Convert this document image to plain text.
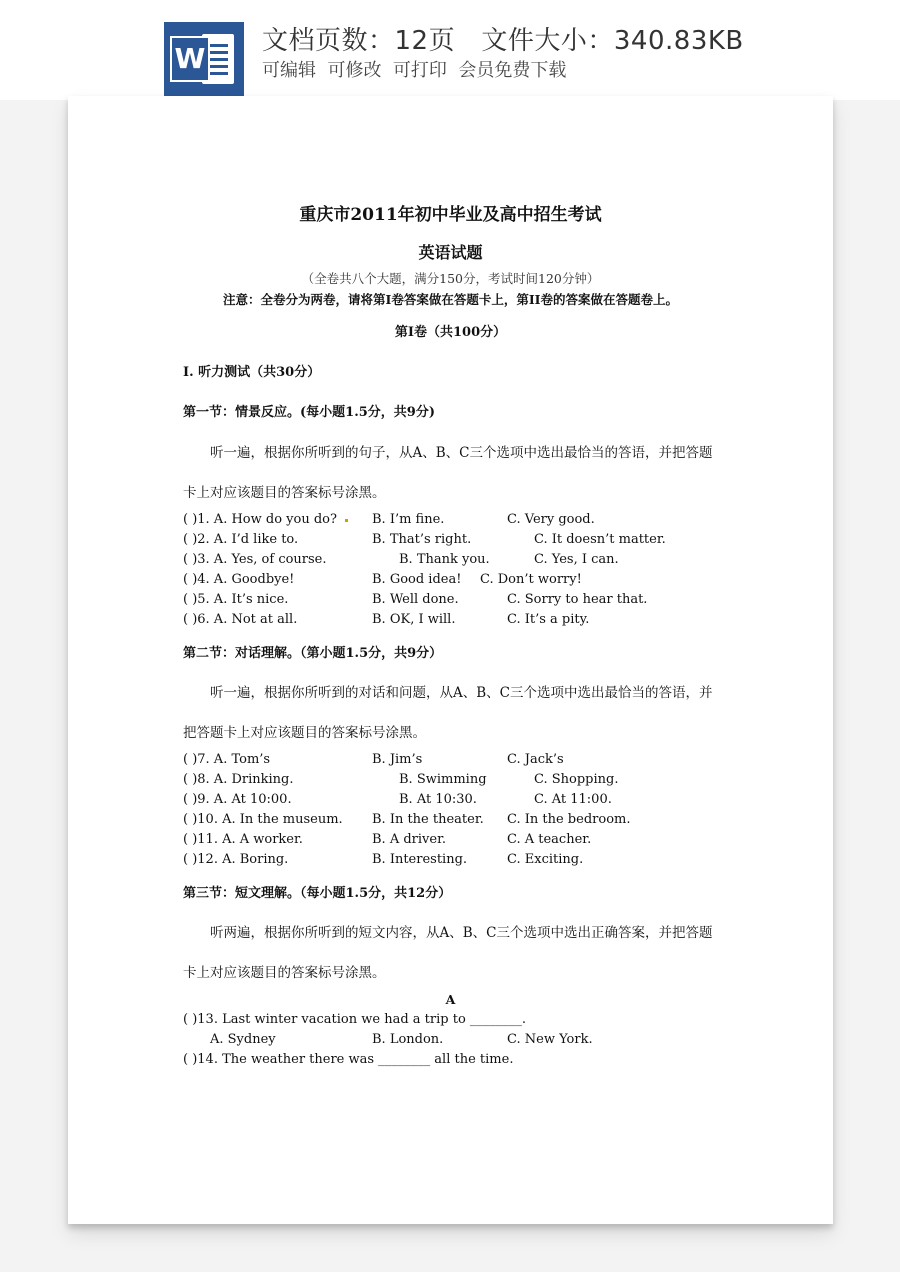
W
文档页数：12页 文件大小：340.83KB
可编辑  可修改  可打印  会员免费下载
重庆市2011年初中毕业及高中招生考试
英语试题
（全卷共八个大题，满分150分，考试时间120分钟）
注意：全卷分为两卷，请将第I卷答案做在答题卡上，第II卷的答案做在答题卷上。
第I卷（共100分）
I. 听力测试（共30分）
第一节：情景反应。(每小题1.5分，共9分)
听一遍，根据你所听到的句子，从A、B、C三个选项中选出最恰当的答语，并把答题
卡上对应该题目的答案标号涂黑。
( )1. A. How do you do?	B. I’m fine.	C. Very good.
( )2. A. I’d like to.	B. That’s right.	C. It doesn’t matter.
( )3. A. Yes, of course.	B. Thank you.	C. Yes, I can.
( )4. A. Goodbye!	B. Good idea! C. Don’t worry!
( )5. A. It’s nice.	B. Well done.	C. Sorry to hear that.
( )6. A. Not at all.	B. OK, I will.	C. It’s a pity.
第二节：对话理解。（第小题1.5分，共9分）
听一遍，根据你所听到的对话和问题，从A、B、C三个选项中选出最恰当的答语，并
把答题卡上对应该题目的答案标号涂黑。
( )7. A. Tom’s	B. Jim’s	C. Jack’s
( )8. A. Drinking.	B. Swimming	C. Shopping.
( )9. A. At 10:00.	B. At 10:30.	C. At 11:00.
( )10. A. In the museum. B. In the theater. C. In the bedroom.
( )11. A. A worker.	B. A driver.	C. A teacher.
( )12. A. Boring.	B. Interesting.	C. Exciting.
第三节：短文理解。（每小题1.5分，共12分）
听两遍，根据你所听到的短文内容，从A、B、C三个选项中选出正确答案，并把答题
卡上对应该题目的答案标号涂黑。
A
( )13. Last winter vacation we had a trip to ________.
A. Sydney	B. London.	C. New York.
( )14. The weather there was ________ all the time.
